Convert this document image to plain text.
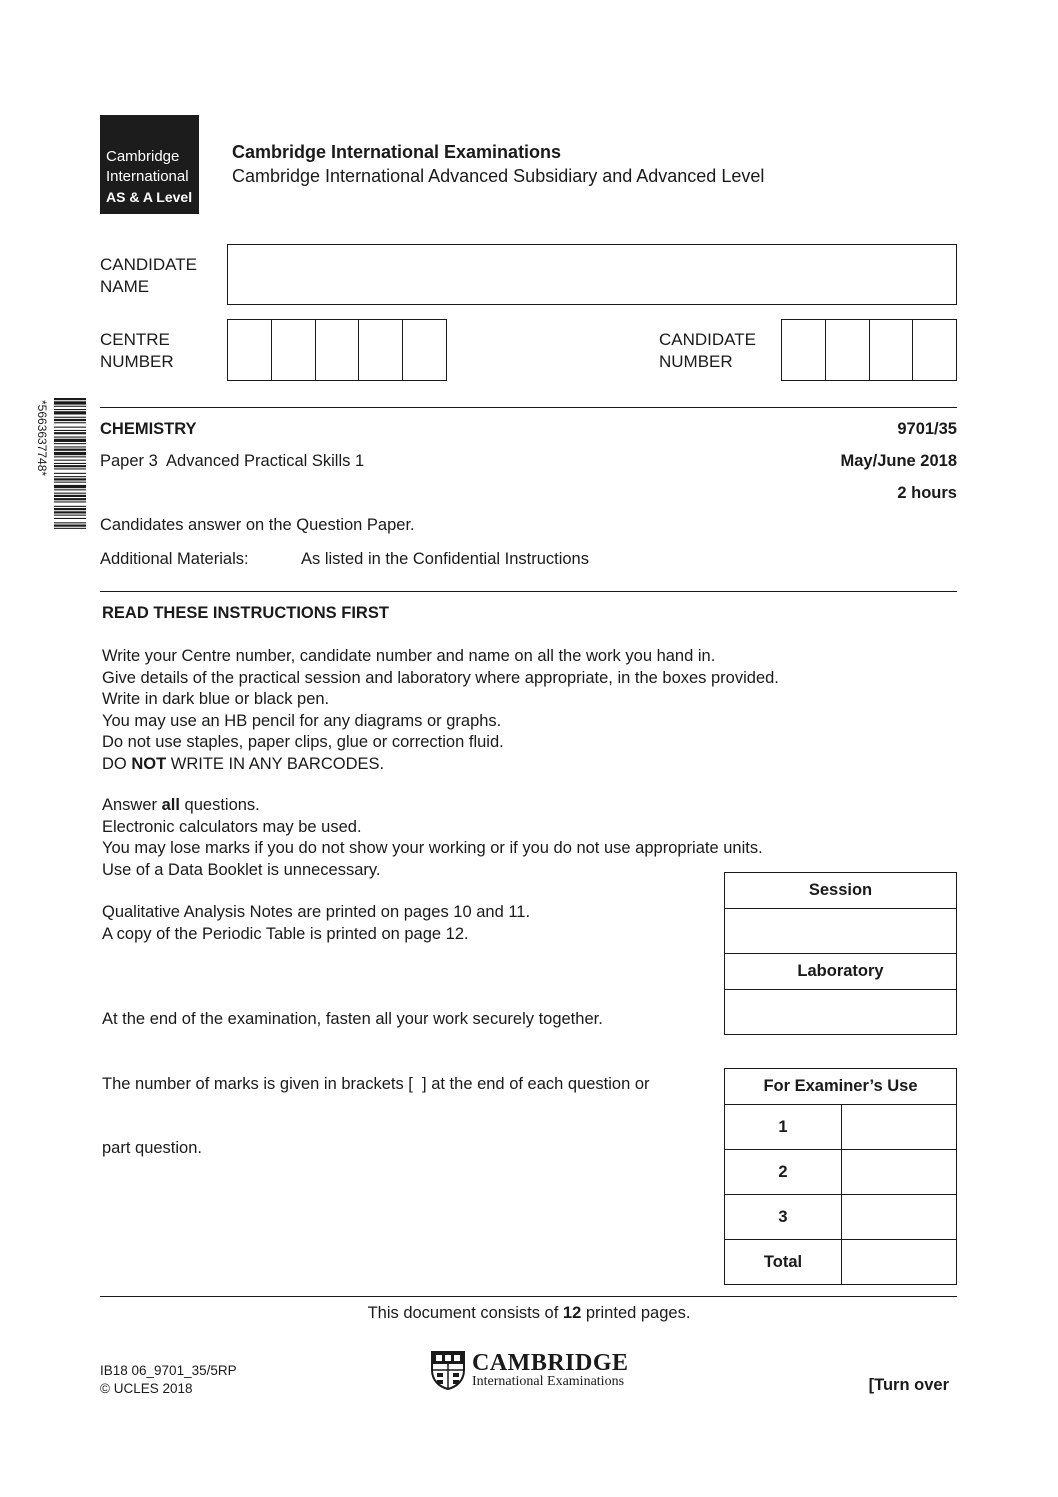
Cambridge
International
AS & A Level
Cambridge International Examinations
Cambridge International Advanced Subsidiary and Advanced Level
CANDIDATE
NAME
CENTRE
NUMBER
CANDIDATE
NUMBER
*5663637748*	CHEMISTRY	9701/35
Paper 3  Advanced Practical Skills 1	May/June 2018
2 hours
Candidates answer on the Question Paper.
Additional Materials:	As listed in the Confidential Instructions
READ THESE INSTRUCTIONS FIRST
Write your Centre number, candidate number and name on all the work you hand in.
Give details of the practical session and laboratory where appropriate, in the boxes provided.
Write in dark blue or black pen.
You may use an HB pencil for any diagrams or graphs.
Do not use staples, paper clips, glue or correction fluid.
DO NOT WRITE IN ANY BARCODES.
Answer all questions.
Electronic calculators may be used.
You may lose marks if you do not show your working or if you do not use appropriate units.
Use of a Data Booklet is unnecessary.
Qualitative Analysis Notes are printed on pages 10 and 11.
A copy of the Periodic Table is printed on page 12.

At the end of the examination, fasten all your work securely together.

The number of marks is given in brackets [  ] at the end of each question or

part question.

Session

Laboratory

For Examiner’s Use	
1	
2	
3	
Total	
This document consists of 12 printed pages.
IB18 06_9701_35/5RP
© UCLES 2018
CAMBRIDGE
International Examinations	[Turn over
